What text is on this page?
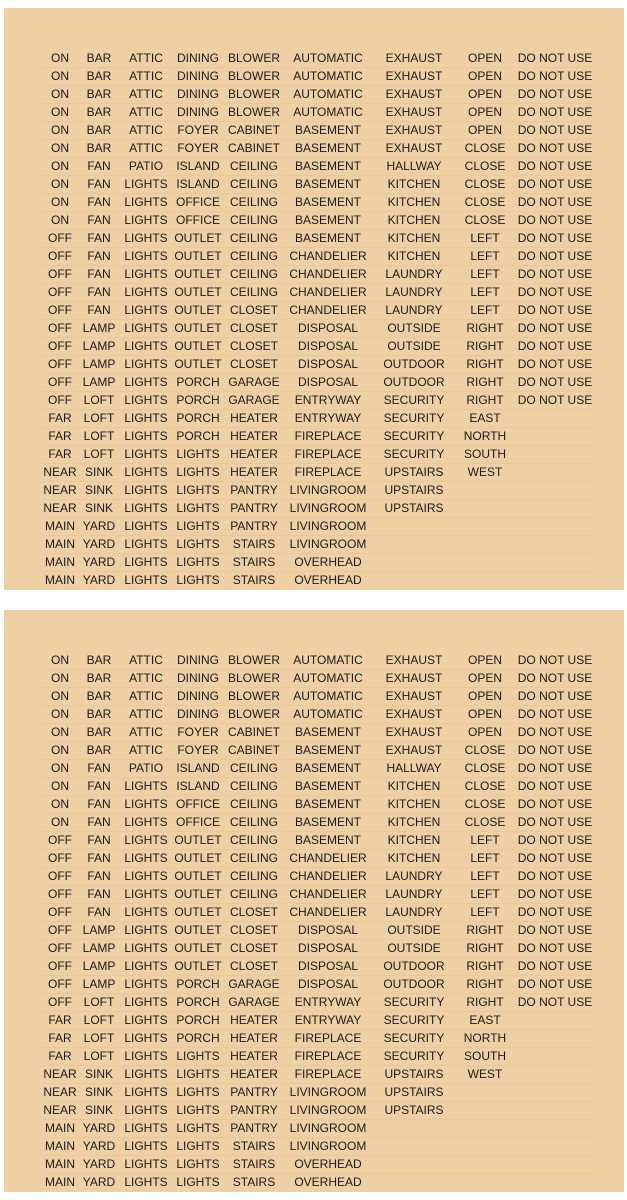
ON	BAR	ATTIC	DINING	BLOWER	AUTOMATIC	EXHAUST	OPEN	DO NOT USE
ON	BAR	ATTIC	DINING	BLOWER	AUTOMATIC	EXHAUST	OPEN	DO NOT USE
ON	BAR	ATTIC	DINING	BLOWER	AUTOMATIC	EXHAUST	OPEN	DO NOT USE
ON	BAR	ATTIC	DINING	BLOWER	AUTOMATIC	EXHAUST	OPEN	DO NOT USE
ON	BAR	ATTIC	FOYER	CABINET	BASEMENT	EXHAUST	OPEN	DO NOT USE
ON	BAR	ATTIC	FOYER	CABINET	BASEMENT	EXHAUST	CLOSE	DO NOT USE
ON	FAN	PATIO	ISLAND	CEILING	BASEMENT	HALLWAY	CLOSE	DO NOT USE
ON	FAN	LIGHTS	ISLAND	CEILING	BASEMENT	KITCHEN	CLOSE	DO NOT USE
ON	FAN	LIGHTS	OFFICE	CEILING	BASEMENT	KITCHEN	CLOSE	DO NOT USE
ON	FAN	LIGHTS	OFFICE	CEILING	BASEMENT	KITCHEN	CLOSE	DO NOT USE
OFF	FAN	LIGHTS	OUTLET	CEILING	BASEMENT	KITCHEN	LEFT	DO NOT USE
OFF	FAN	LIGHTS	OUTLET	CEILING	CHANDELIER	KITCHEN	LEFT	DO NOT USE
OFF	FAN	LIGHTS	OUTLET	CEILING	CHANDELIER	LAUNDRY	LEFT	DO NOT USE
OFF	FAN	LIGHTS	OUTLET	CEILING	CHANDELIER	LAUNDRY	LEFT	DO NOT USE
OFF	FAN	LIGHTS	OUTLET	CLOSET	CHANDELIER	LAUNDRY	LEFT	DO NOT USE
OFF	LAMP	LIGHTS	OUTLET	CLOSET	DISPOSAL	OUTSIDE	RIGHT	DO NOT USE
OFF	LAMP	LIGHTS	OUTLET	CLOSET	DISPOSAL	OUTSIDE	RIGHT	DO NOT USE
OFF	LAMP	LIGHTS	OUTLET	CLOSET	DISPOSAL	OUTDOOR	RIGHT	DO NOT USE
OFF	LAMP	LIGHTS	PORCH	GARAGE	DISPOSAL	OUTDOOR	RIGHT	DO NOT USE
OFF	LOFT	LIGHTS	PORCH	GARAGE	ENTRYWAY	SECURITY	RIGHT	DO NOT USE
FAR	LOFT	LIGHTS	PORCH	HEATER	ENTRYWAY	SECURITY	EAST	
FAR	LOFT	LIGHTS	PORCH	HEATER	FIREPLACE	SECURITY	NORTH	
FAR	LOFT	LIGHTS	LIGHTS	HEATER	FIREPLACE	SECURITY	SOUTH	
NEAR	SINK	LIGHTS	LIGHTS	HEATER	FIREPLACE	UPSTAIRS	WEST	
NEAR	SINK	LIGHTS	LIGHTS	PANTRY	LIVINGROOM	UPSTAIRS		
NEAR	SINK	LIGHTS	LIGHTS	PANTRY	LIVINGROOM	UPSTAIRS		
MAIN	YARD	LIGHTS	LIGHTS	PANTRY	LIVINGROOM			
MAIN	YARD	LIGHTS	LIGHTS	STAIRS	LIVINGROOM			
MAIN	YARD	LIGHTS	LIGHTS	STAIRS	OVERHEAD			
MAIN	YARD	LIGHTS	LIGHTS	STAIRS	OVERHEAD			
ON	BAR	ATTIC	DINING	BLOWER	AUTOMATIC	EXHAUST	OPEN	DO NOT USE
ON	BAR	ATTIC	DINING	BLOWER	AUTOMATIC	EXHAUST	OPEN	DO NOT USE
ON	BAR	ATTIC	DINING	BLOWER	AUTOMATIC	EXHAUST	OPEN	DO NOT USE
ON	BAR	ATTIC	DINING	BLOWER	AUTOMATIC	EXHAUST	OPEN	DO NOT USE
ON	BAR	ATTIC	FOYER	CABINET	BASEMENT	EXHAUST	OPEN	DO NOT USE
ON	BAR	ATTIC	FOYER	CABINET	BASEMENT	EXHAUST	CLOSE	DO NOT USE
ON	FAN	PATIO	ISLAND	CEILING	BASEMENT	HALLWAY	CLOSE	DO NOT USE
ON	FAN	LIGHTS	ISLAND	CEILING	BASEMENT	KITCHEN	CLOSE	DO NOT USE
ON	FAN	LIGHTS	OFFICE	CEILING	BASEMENT	KITCHEN	CLOSE	DO NOT USE
ON	FAN	LIGHTS	OFFICE	CEILING	BASEMENT	KITCHEN	CLOSE	DO NOT USE
OFF	FAN	LIGHTS	OUTLET	CEILING	BASEMENT	KITCHEN	LEFT	DO NOT USE
OFF	FAN	LIGHTS	OUTLET	CEILING	CHANDELIER	KITCHEN	LEFT	DO NOT USE
OFF	FAN	LIGHTS	OUTLET	CEILING	CHANDELIER	LAUNDRY	LEFT	DO NOT USE
OFF	FAN	LIGHTS	OUTLET	CEILING	CHANDELIER	LAUNDRY	LEFT	DO NOT USE
OFF	FAN	LIGHTS	OUTLET	CLOSET	CHANDELIER	LAUNDRY	LEFT	DO NOT USE
OFF	LAMP	LIGHTS	OUTLET	CLOSET	DISPOSAL	OUTSIDE	RIGHT	DO NOT USE
OFF	LAMP	LIGHTS	OUTLET	CLOSET	DISPOSAL	OUTSIDE	RIGHT	DO NOT USE
OFF	LAMP	LIGHTS	OUTLET	CLOSET	DISPOSAL	OUTDOOR	RIGHT	DO NOT USE
OFF	LAMP	LIGHTS	PORCH	GARAGE	DISPOSAL	OUTDOOR	RIGHT	DO NOT USE
OFF	LOFT	LIGHTS	PORCH	GARAGE	ENTRYWAY	SECURITY	RIGHT	DO NOT USE
FAR	LOFT	LIGHTS	PORCH	HEATER	ENTRYWAY	SECURITY	EAST	
FAR	LOFT	LIGHTS	PORCH	HEATER	FIREPLACE	SECURITY	NORTH	
FAR	LOFT	LIGHTS	LIGHTS	HEATER	FIREPLACE	SECURITY	SOUTH	
NEAR	SINK	LIGHTS	LIGHTS	HEATER	FIREPLACE	UPSTAIRS	WEST	
NEAR	SINK	LIGHTS	LIGHTS	PANTRY	LIVINGROOM	UPSTAIRS		
NEAR	SINK	LIGHTS	LIGHTS	PANTRY	LIVINGROOM	UPSTAIRS		
MAIN	YARD	LIGHTS	LIGHTS	PANTRY	LIVINGROOM			
MAIN	YARD	LIGHTS	LIGHTS	STAIRS	LIVINGROOM			
MAIN	YARD	LIGHTS	LIGHTS	STAIRS	OVERHEAD			
MAIN	YARD	LIGHTS	LIGHTS	STAIRS	OVERHEAD			
